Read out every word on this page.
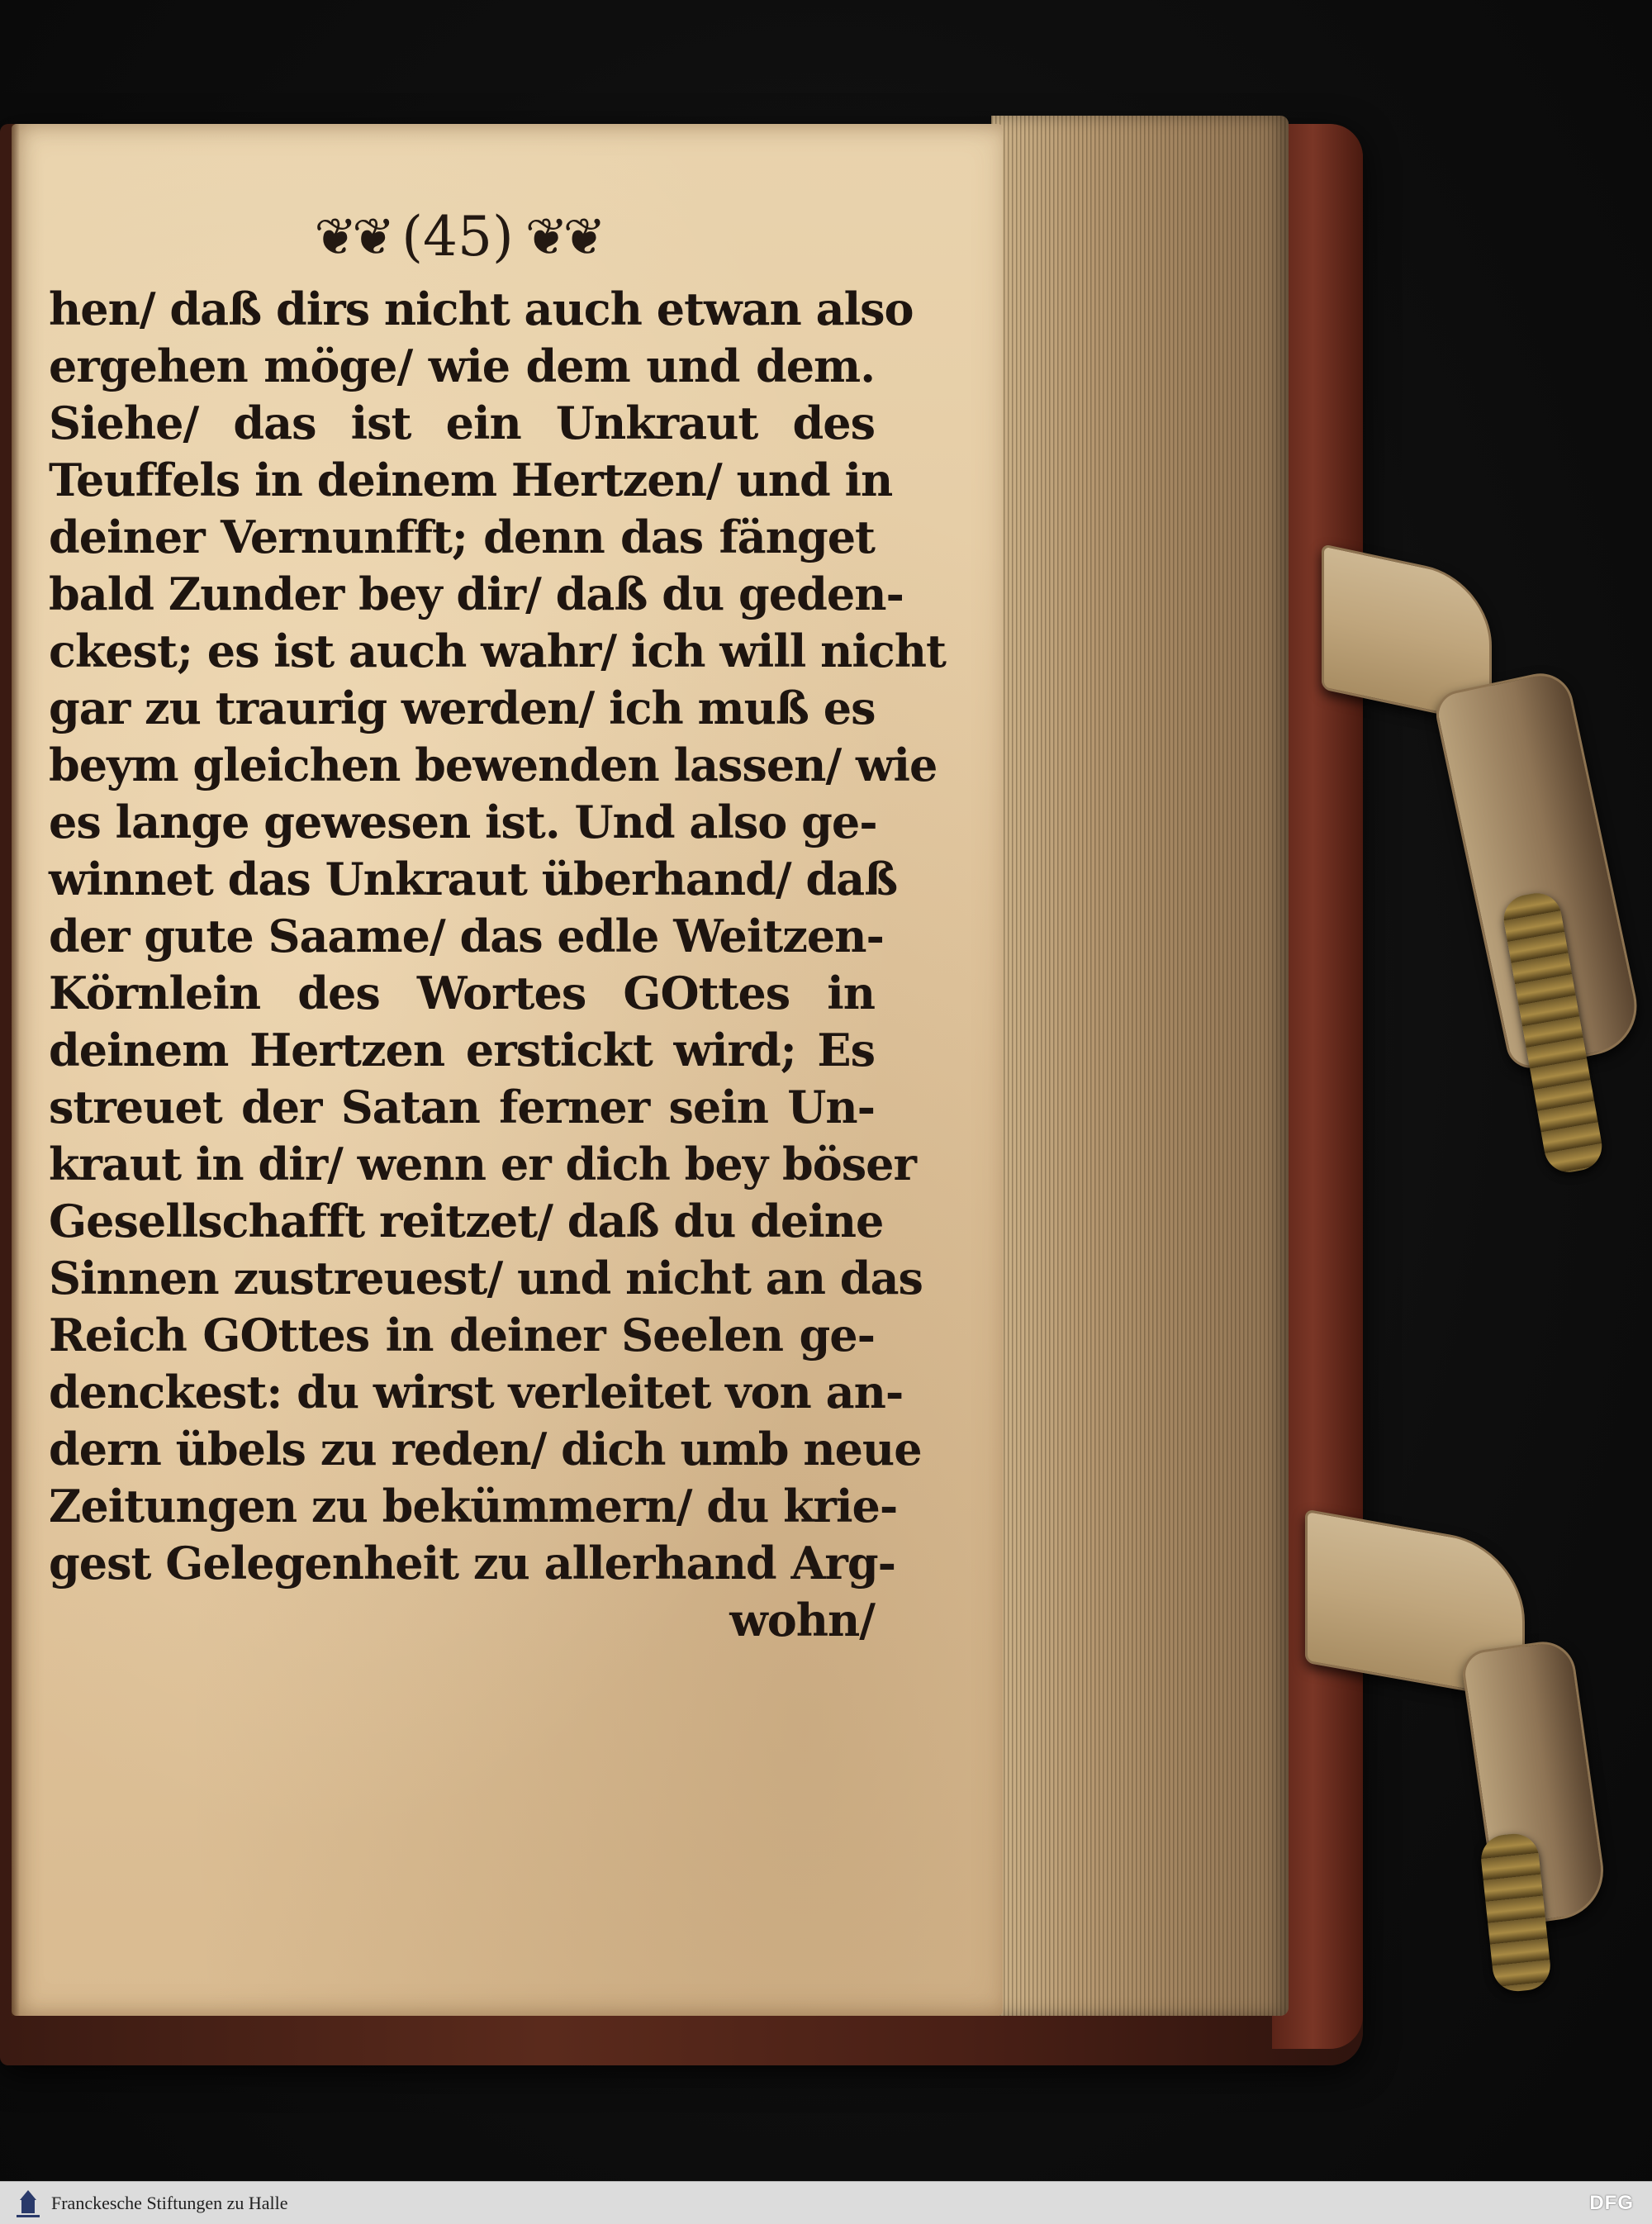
❦❦ (45) ❦❦
hen/ daß dirs nicht auch etwan also
ergehen möge/ wie dem und dem.
Siehe/ das ist ein Unkraut des
Teuffels in deinem Hertzen/ und in
deiner Vernunfft; denn das fänget
bald Zunder bey dir/ daß du geden-
ckest; es ist auch wahr/ ich will nicht
gar zu traurig werden/ ich muß es
beym gleichen bewenden lassen/ wie
es lange gewesen ist. Und also ge-
winnet das Unkraut überhand/ daß
der gute Saame/ das edle Weitzen-
Körnlein des Wortes GOttes in
deinem Hertzen erstickt wird; Es
streuet der Satan ferner sein Un-
kraut in dir/ wenn er dich bey böser
Gesellschafft reitzet/ daß du deine
Sinnen zustreuest/ und nicht an das
Reich GOttes in deiner Seelen ge-
denckest: du wirst verleitet von an-
dern übels zu reden/ dich umb neue
Zeitungen zu bekümmern/ du krie-
gest Gelegenheit zu allerhand Arg-
wohn/
Franckesche Stiftungen zu Halle	DFG
